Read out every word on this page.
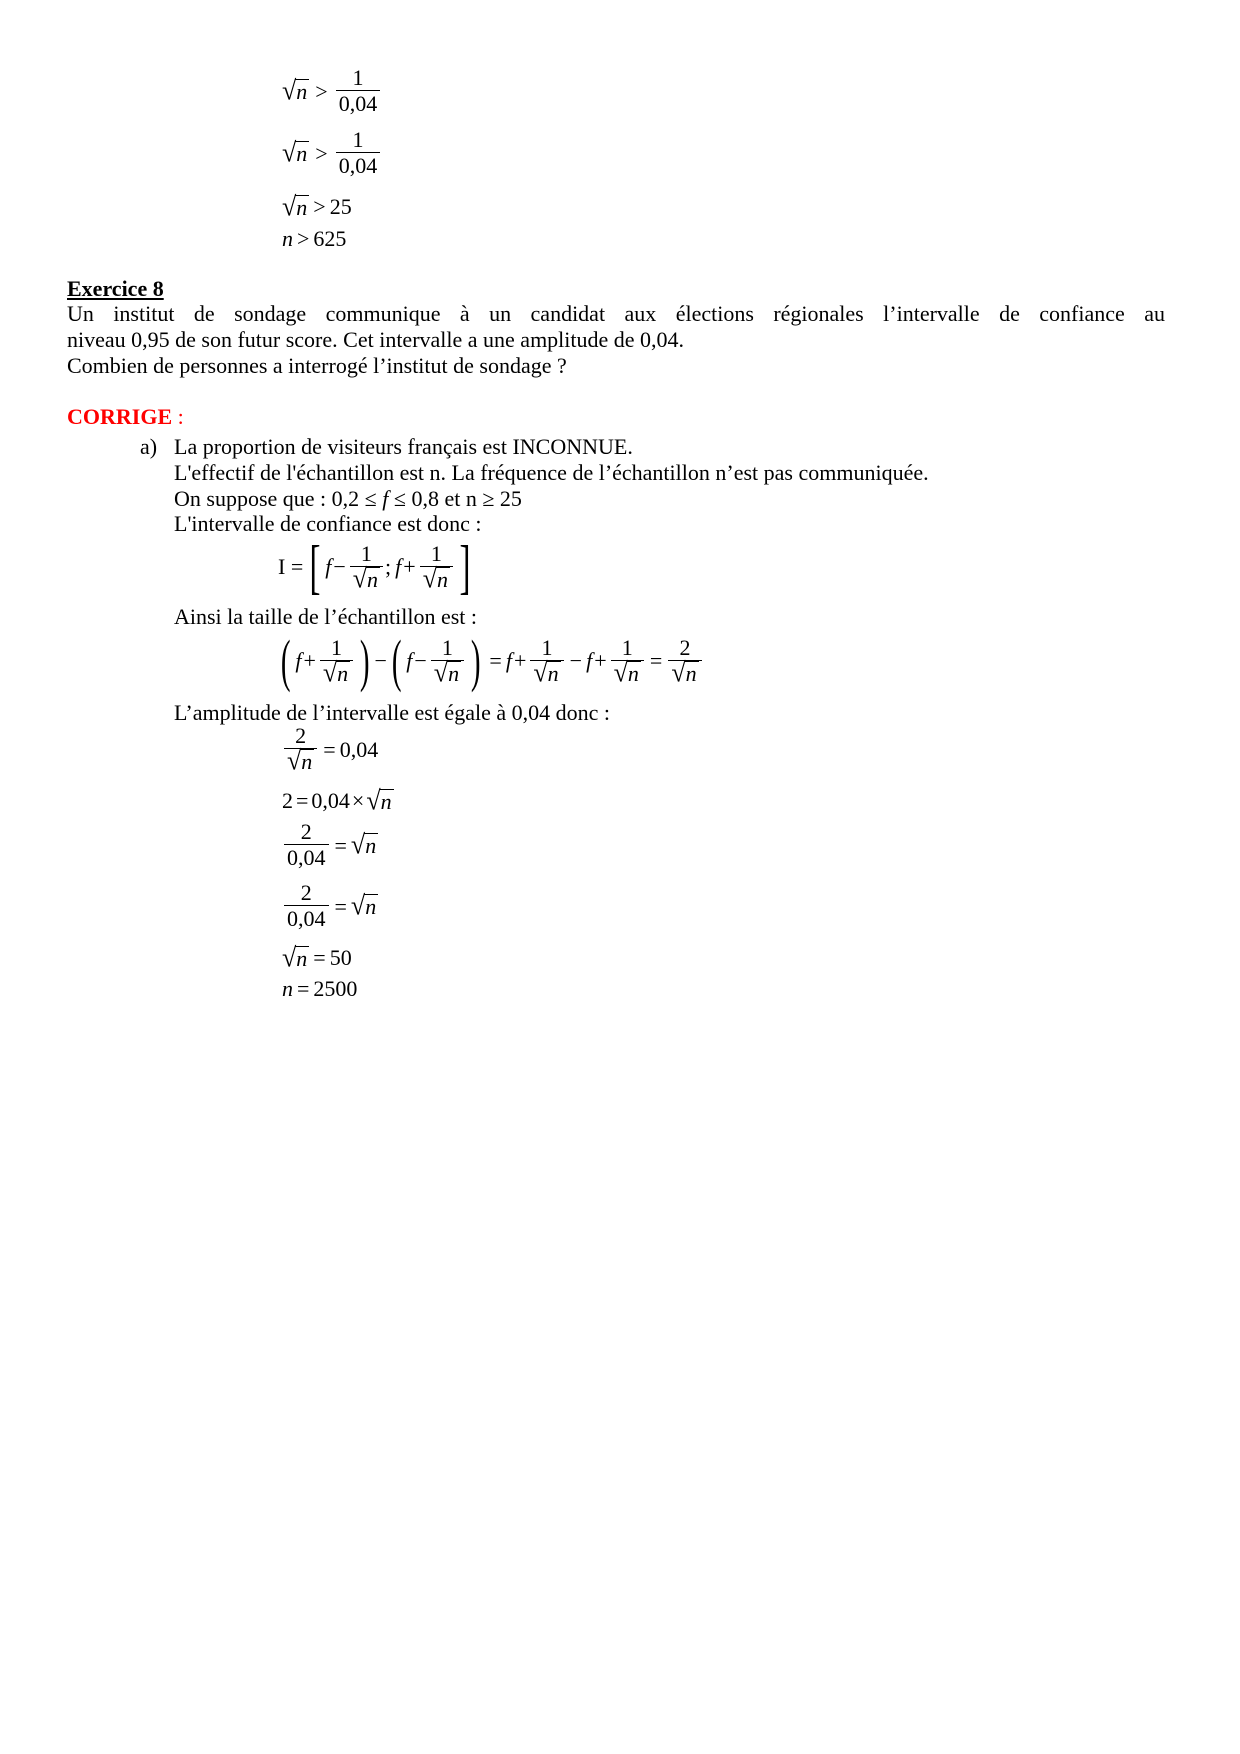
√ $n > \frac{1}{0,04}$
√ $n > \frac{1}{0,04}$
√ n > 25
n > 625
Exercice 8
Un institut de sondage communique à un candidat aux élections régionales l’intervalle de confiance au
niveau 0,95 de son futur score. Cet intervalle a une amplitude de 0,04.
Combien de personnes a interrogé l’institut de sondage ?
CORRIGE :
a) La proportion de visiteurs français est INCONNUE.
L'effectif de l'échantillon est n. La fréquence de l’échantillon n’est pas communiquée.
On suppose que : 0,2 ≤ f ≤ 0,8 et n ≥ 25
L'intervalle de confiance est donc :
I = [ $f - \frac{1}{√ n}$ ; $f + \frac{1}{√ n}$ ]
Ainsi la taille de l’échantillon est :
( $f + \frac{1}{√ n}$ ) − ( $f - \frac{1}{√ n}$ ) = $f + \frac{1}{√ n} - f + \frac{1}{√ n} = \frac{2}{√ n}$
L’amplitude de l’intervalle est égale à 0,04 donc :
$\frac{2}{√ n} = 0,04$
2 = 0,04 × √ n
$\frac{2}{0,04}$ = √ n
$\frac{2}{0,04}$ = √ n
√ n = 50
n = 2500
